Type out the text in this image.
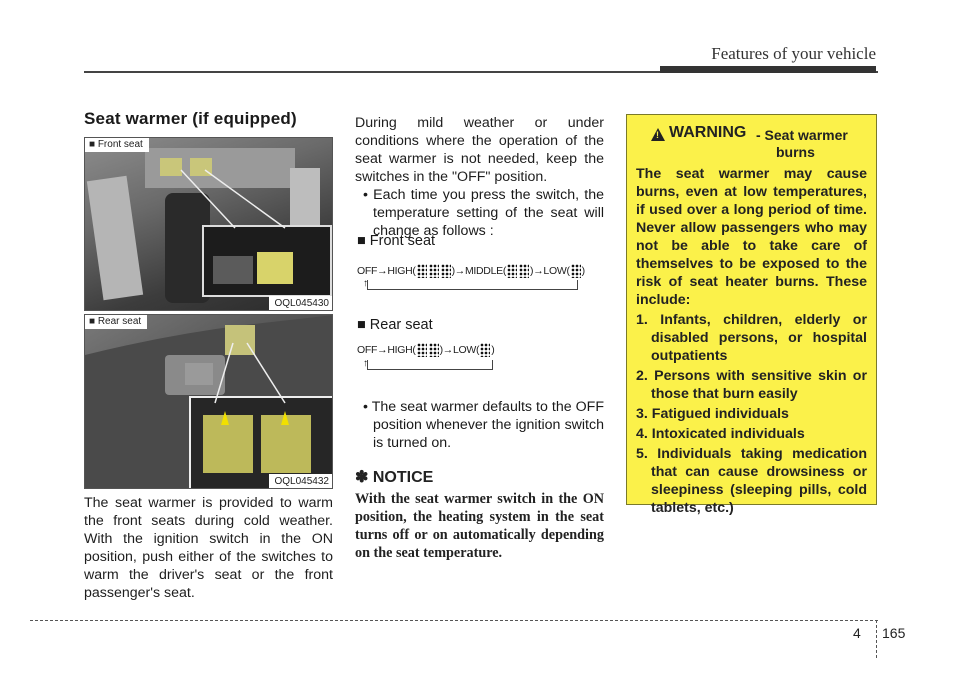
Features of your vehicle
Seat warmer (if equipped)
■ Front seat
OQL045430
■ Rear seat
OQL045432
The seat warmer is provided to warm the front seats during cold weather. With the ignition switch in the ON position, push either of the switches to warm the driver's seat or the front passenger's seat.
During mild weather or under conditions where the operation of the seat warmer is not needed, keep the switches in the "OFF" position.
• Each time you press the switch, the temperature setting of the seat will change as follows :
■ Front seat
OFF→HIGH(	)→MIDDLE( )→LOW( )
↑
■ Rear seat
OFF→HIGH( )→LOW( )
↑
• The seat warmer defaults to the OFF position whenever the ignition switch is turned on.
✽ NOTICE
With the seat warmer switch in the ON position, the heating system in the seat turns off or on automatically depending on the seat temperature.
!
WARNING - Seat warmer
burns
The seat warmer may cause burns, even at low temperatures, if used over a long period of time. Never allow passengers who may not be able to take care of themselves to be exposed to the risk of seat heater burns. These include:
1. Infants, children, elderly or disabled persons, or hospital outpatients
2. Persons with sensitive skin or those that burn easily
3. Fatigued individuals
4. Intoxicated individuals
5. Individuals taking medication that can cause drowsiness or sleepiness (sleeping pills, cold tablets, etc.)
4 165
